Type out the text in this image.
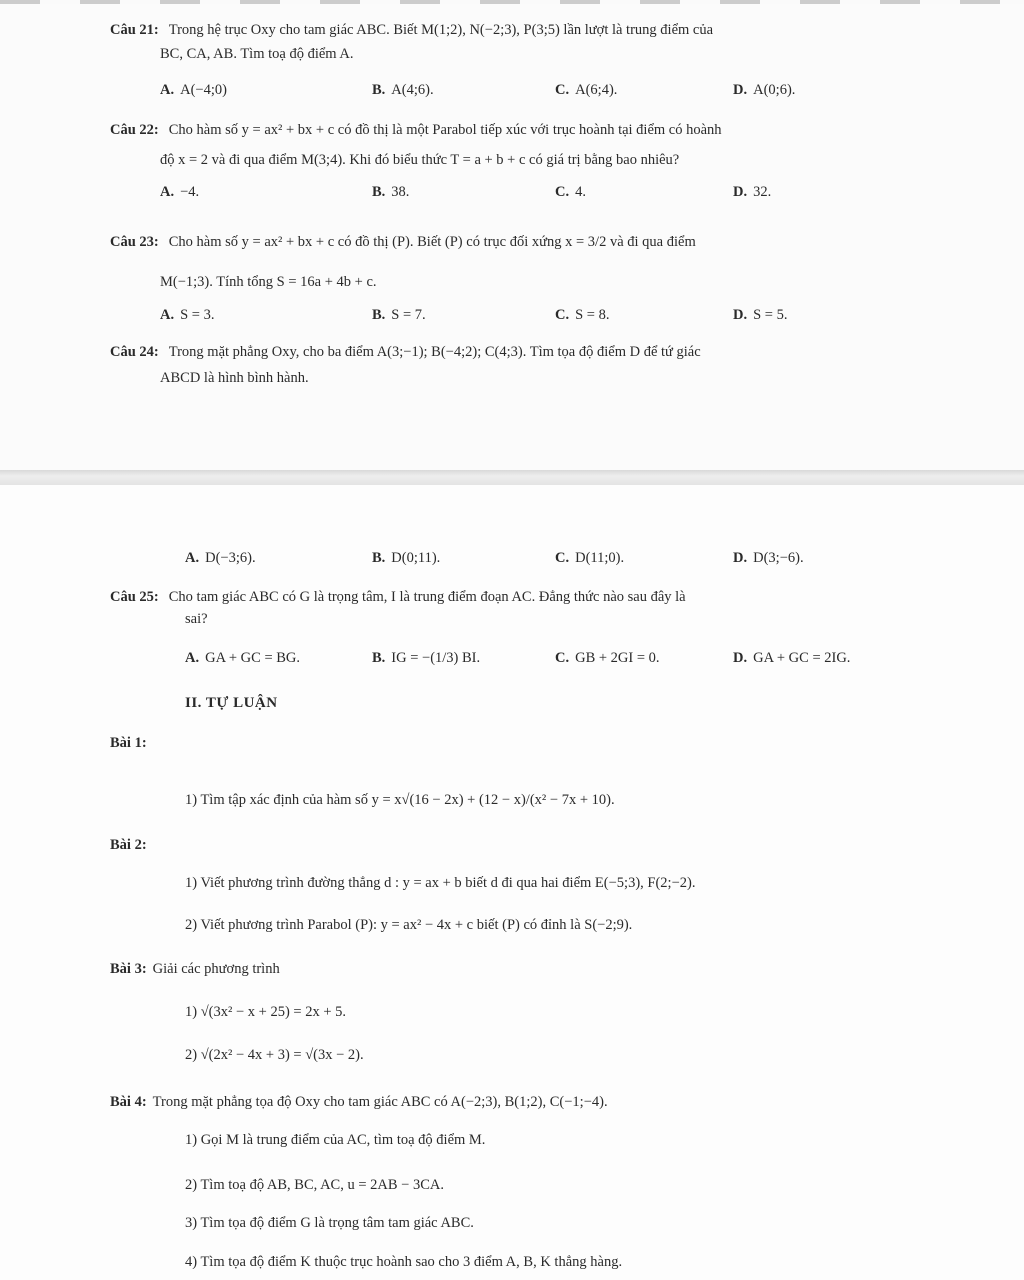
Câu 21: Trong hệ trục Oxy cho tam giác ABC. Biết M(1;2), N(−2;3), P(3;5) lần lượt là trung điểm của
BC, CA, AB. Tìm toạ độ điểm A.
A. A(−4;0)	B. A(4;6).	C. A(6;4).	D. A(0;6).
Câu 22: Cho hàm số y = ax² + bx + c có đồ thị là một Parabol tiếp xúc với trục hoành tại điểm có hoành
độ x = 2 và đi qua điểm M(3;4). Khi đó biểu thức T = a + b + c có giá trị bằng bao nhiêu?
A. −4.	B. 38.	C. 4.	D. 32.
Câu 23: Cho hàm số y = ax² + bx + c có đồ thị (P). Biết (P) có trục đối xứng x = 3/2 và đi qua điểm
M(−1;3). Tính tổng S = 16a + 4b + c.
A. S = 3.	B. S = 7.	C. S = 8.	D. S = 5.
Câu 24: Trong mặt phẳng Oxy, cho ba điểm A(3;−1); B(−4;2); C(4;3). Tìm tọa độ điểm D để tứ giác
ABCD là hình bình hành.
A. D(−3;6).	B. D(0;11).	C. D(11;0).	D. D(3;−6).
Câu 25: Cho tam giác ABC có G là trọng tâm, I là trung điểm đoạn AC. Đẳng thức nào sau đây là
sai?
A. GA + GC = BG.	B. IG = −(1/3) BI.	C. GB + 2GI = 0.	D. GA + GC = 2IG.
II. TỰ LUẬN
Bài 1:
1) Tìm tập xác định của hàm số y = x√(16 − 2x) + (12 − x)/(x² − 7x + 10).
Bài 2:
1) Viết phương trình đường thẳng d : y = ax + b biết d đi qua hai điểm E(−5;3), F(2;−2).
2) Viết phương trình Parabol (P): y = ax² − 4x + c biết (P) có đỉnh là S(−2;9).
Bài 3: Giải các phương trình
1) √(3x² − x + 25) = 2x + 5.
2) √(2x² − 4x + 3) = √(3x − 2).
Bài 4: Trong mặt phẳng tọa độ Oxy cho tam giác ABC có A(−2;3), B(1;2), C(−1;−4).
1) Gọi M là trung điểm của AC, tìm toạ độ điểm M.
2) Tìm toạ độ AB, BC, AC, u = 2AB − 3CA.
3) Tìm tọa độ điểm G là trọng tâm tam giác ABC.
4) Tìm tọa độ điểm K thuộc trục hoành sao cho 3 điểm A, B, K thẳng hàng.
